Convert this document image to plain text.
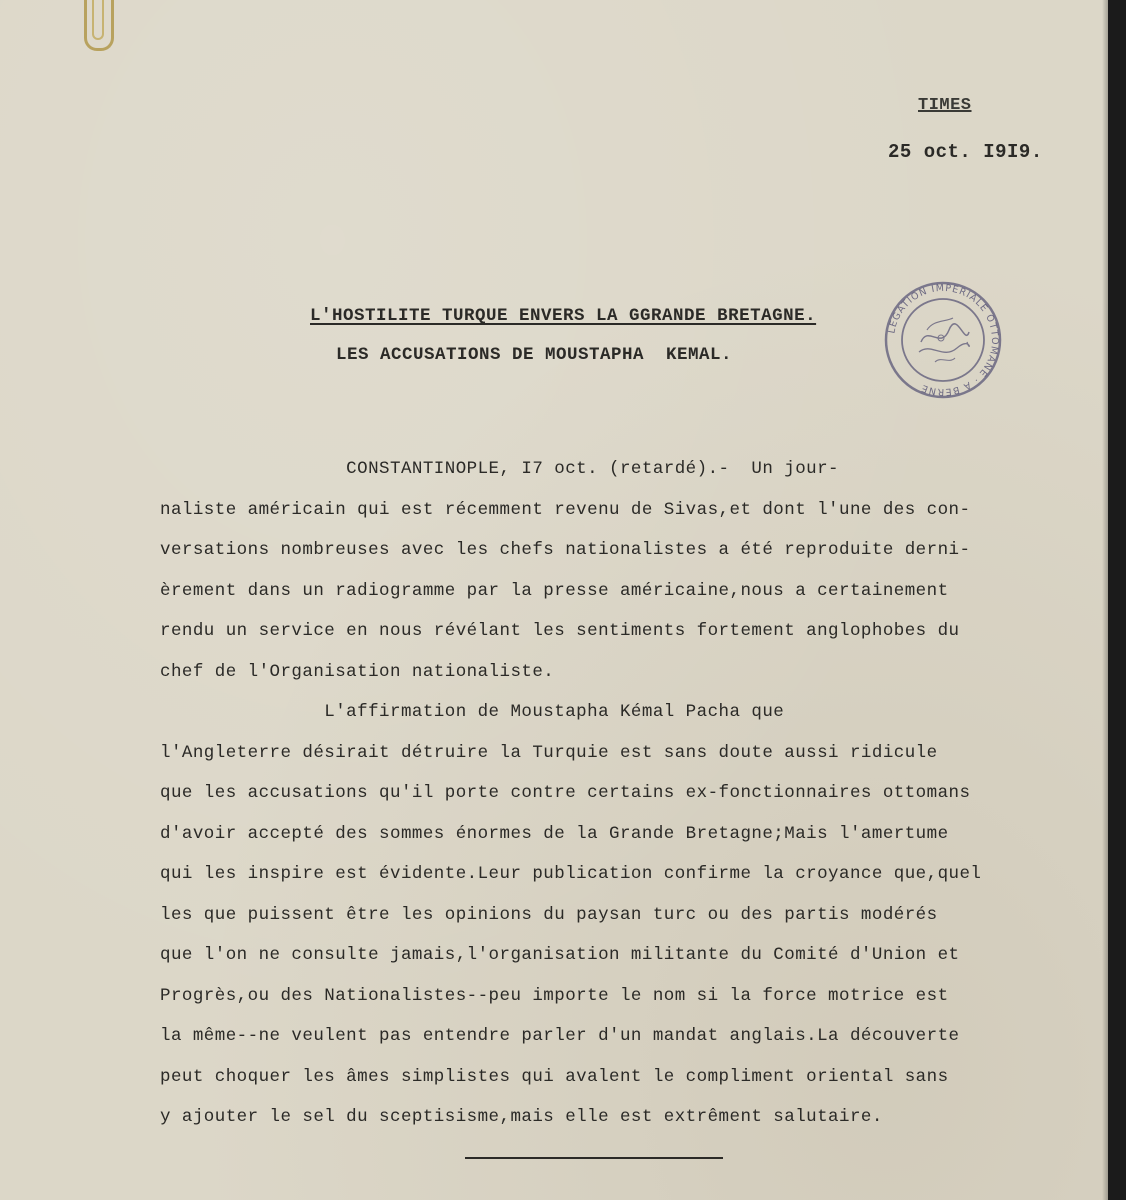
TIMES
25 oct. I9I9.
LEGATION IMPERIALE OTTOMANE · A BERNE
L'HOSTILITE TURQUE ENVERS LA GGRANDE BRETAGNE.
LES ACCUSATIONS DE MOUSTAPHA  KEMAL.
CONSTANTINOPLE, I7 oct. (retardé).-  Un jour-
naliste américain qui est récemment revenu de Sivas,et dont l'une des con-
versations nombreuses avec les chefs nationalistes a été reproduite derni-
èrement dans un radiogramme par la presse américaine,nous a certainement
rendu un service en nous révélant les sentiments fortement anglophobes du
chef de l'Organisation nationaliste.
L'affirmation de Moustapha Kémal Pacha que
l'Angleterre désirait détruire la Turquie est sans doute aussi ridicule
que les accusations qu'il porte contre certains ex-fonctionnaires ottomans
d'avoir accepté des sommes énormes de la Grande Bretagne;Mais l'amertume
qui les inspire est évidente.Leur publication confirme la croyance que,quel
les que puissent être les opinions du paysan turc ou des partis modérés
que l'on ne consulte jamais,l'organisation militante du Comité d'Union et
Progrès,ou des Nationalistes--peu importe le nom si la force motrice est
la même--ne veulent pas entendre parler d'un mandat anglais.La découverte
peut choquer les âmes simplistes qui avalent le compliment oriental sans
y ajouter le sel du sceptisisme,mais elle est extrêment salutaire.
